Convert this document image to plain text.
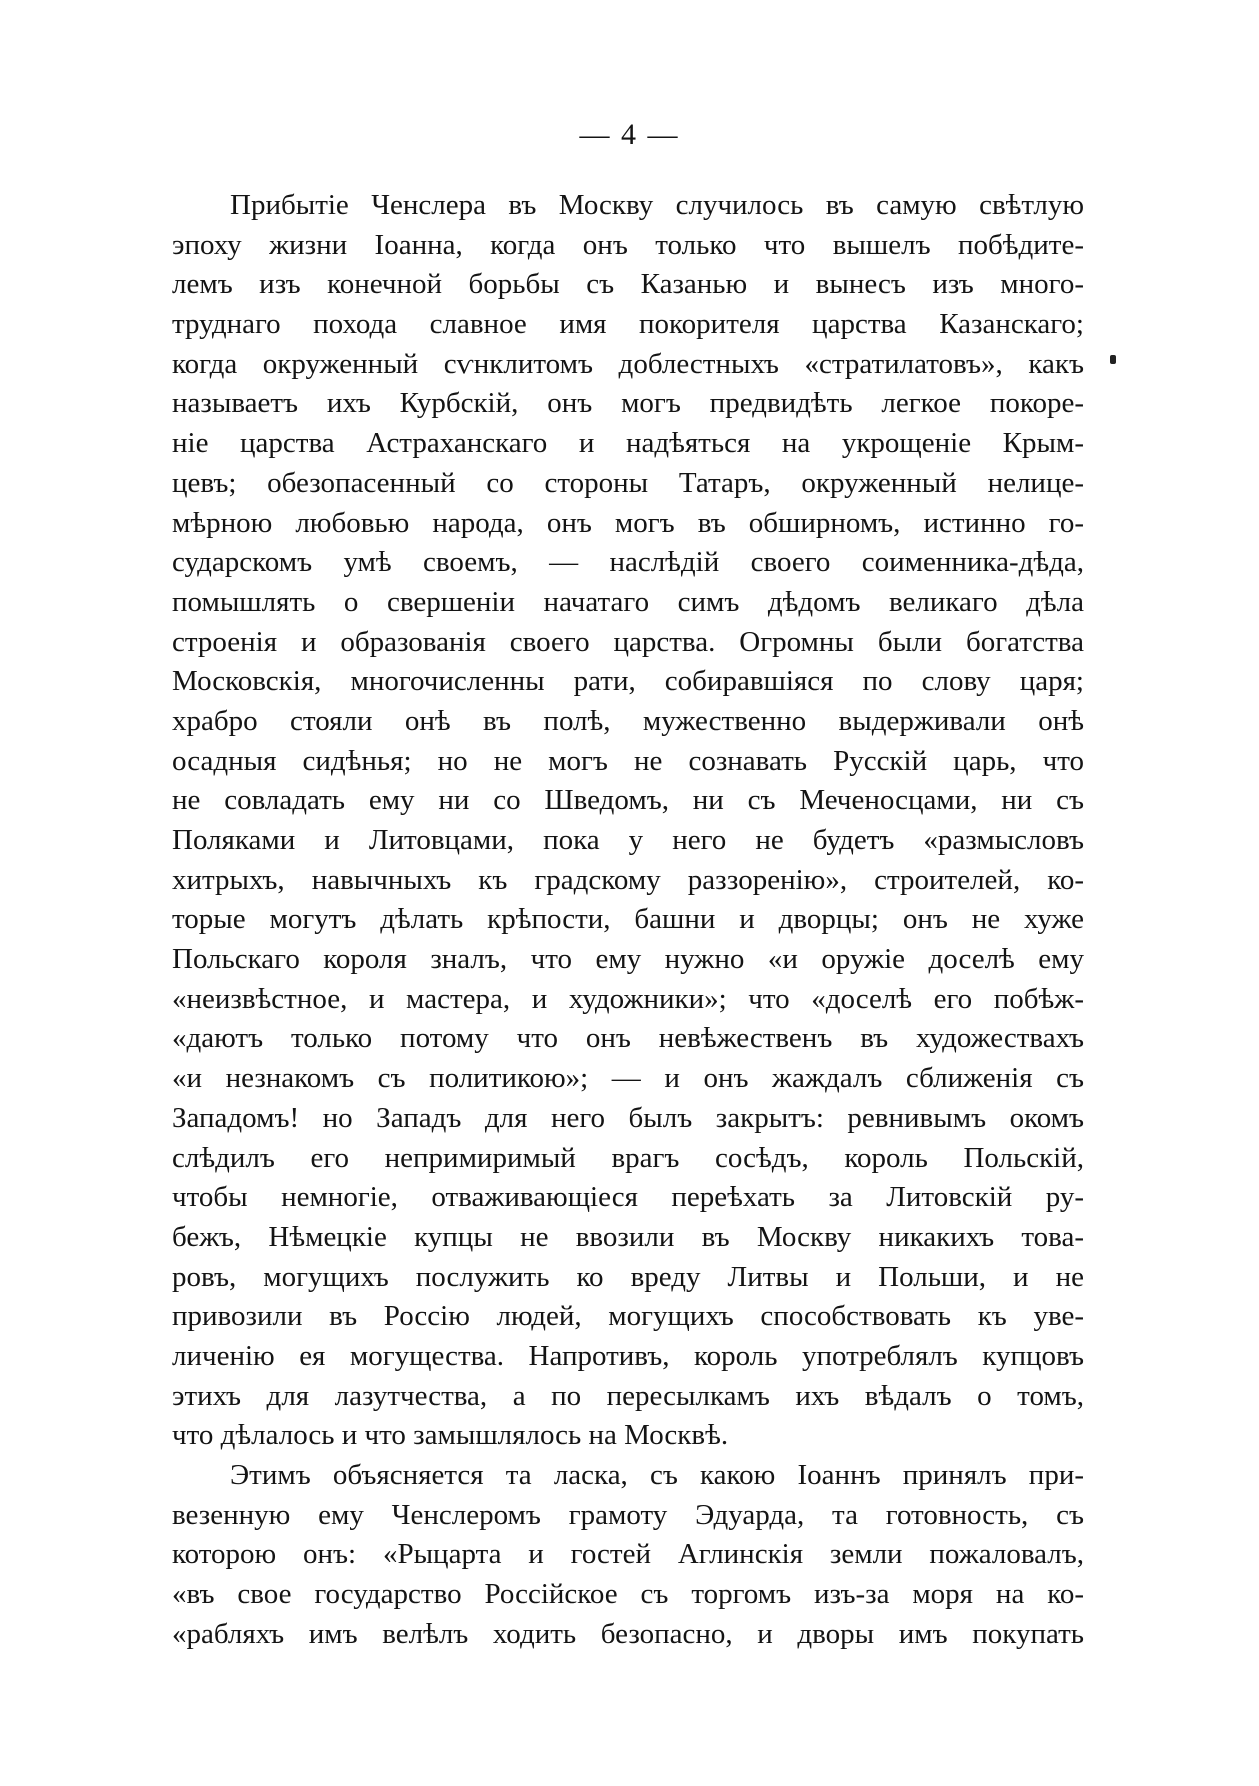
— 4 —
Прибытіе Ченслера въ Москву случилось въ самую свѣтлую
эпоху жизни Іоанна, когда онъ только что вышелъ побѣдите-
лемъ изъ конечной борьбы съ Казанью и вынесъ изъ много-
труднаго похода славное имя покорителя царства Казанскаго;
когда окруженный сѵнклитомъ доблестныхъ «стратилатовъ», какъ
называетъ ихъ Курбскій, онъ могъ предвидѣть легкое покоре-
ніе царства Астраханскаго и надѣяться на укрощеніе Крым-
цевъ; обезопасенный со стороны Татаръ, окруженный нелице-
мѣрною любовью народа, онъ могъ въ обширномъ, истинно го-
сударскомъ умѣ своемъ, — наслѣдій своего соименника-дѣда,
помышлять о свершеніи начатаго симъ дѣдомъ великаго дѣла
строенія и образованія своего царства. Огромны были богатства
Московскія, многочисленны рати, собиравшіяся по слову царя;
храбро стояли онѣ въ полѣ, мужественно выдерживали онѣ
осадныя сидѣнья; но не могъ не сознавать Русскій царь, что
не совладать ему ни со Шведомъ, ни съ Меченосцами, ни съ
Поляками и Литовцами, пока у него не будетъ «размысловъ
хитрыхъ, навычныхъ къ градскому раззоренію», строителей, ко-
торые могутъ дѣлать крѣпости, башни и дворцы; онъ не хуже
Польскаго короля зналъ, что ему нужно «и оружіе доселѣ ему
«неизвѣстное, и мастера, и художники»; что «доселѣ его побѣж-
«даютъ только потому что онъ невѣжественъ въ художествахъ
«и незнакомъ съ политикою»; — и онъ жаждалъ сближенія съ
Западомъ! но Западъ для него былъ закрытъ: ревнивымъ окомъ
слѣдилъ его непримиримый врагъ сосѣдъ, король Польскій,
чтобы немногіе, отваживающіеся переѣхать за Литовскій ру-
бежъ, Нѣмецкіе купцы не ввозили въ Москву никакихъ това-
ровъ, могущихъ послужить ко вреду Литвы и Польши, и не
привозили въ Россію людей, могущихъ способствовать къ уве-
личенію ея могущества. Напротивъ, король употреблялъ купцовъ
этихъ для лазутчества, а по пересылкамъ ихъ вѣдалъ о томъ,
что дѣлалось и что замышлялось на Москвѣ.
Этимъ объясняется та ласка, съ какою Іоаннъ принялъ при-
везенную ему Ченслеромъ грамоту Эдуарда, та готовность, съ
которою онъ: «Рыцарта и гостей Аглинскія земли пожаловалъ,
«въ свое государство Россійское съ торгомъ изъ-за моря на ко-
«рабляхъ имъ велѣлъ ходить безопасно, и дворы имъ покупать
